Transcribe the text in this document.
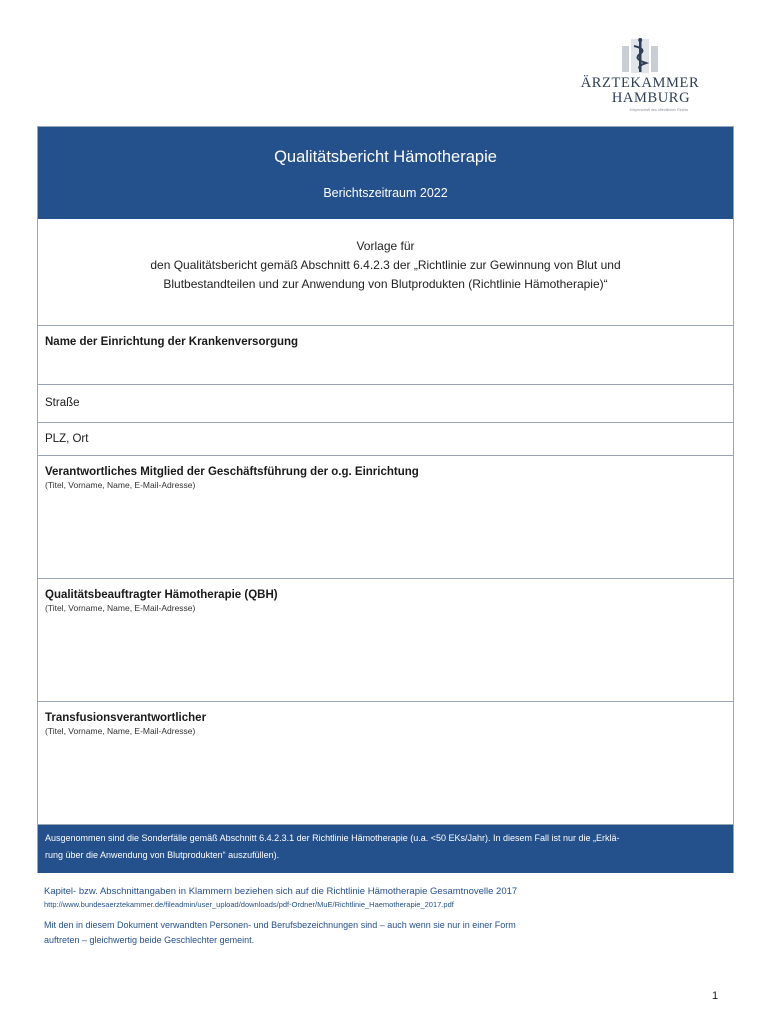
ÄRZTEKAMMER
HAMBURG
Körperschaft des öffentlichen Rechts
Qualitätsbericht Hämotherapie
Berichtszeitraum 2022
Vorlage für
den Qualitätsbericht gemäß Abschnitt 6.4.2.3 der „Richtlinie zur Gewinnung von Blut und
Blutbestandteilen und zur Anwendung von Blutprodukten (Richtlinie Hämotherapie)“
Name der Einrichtung der Krankenversorgung
Straße
PLZ, Ort
Verantwortliches Mitglied der Geschäftsführung der o.g. Einrichtung
(Titel, Vorname, Name, E-Mail-Adresse)
Qualitätsbeauftragter Hämotherapie (QBH)
(Titel, Vorname, Name, E-Mail-Adresse)
Transfusionsverantwortlicher
(Titel, Vorname, Name, E-Mail-Adresse)
Ausgenommen sind die Sonderfälle gemäß Abschnitt 6.4.2.3.1 der Richtlinie Hämotherapie (u.a. <50 EKs/Jahr). In diesem Fall ist nur die „Erklä-
rung über die Anwendung von Blutprodukten“ auszufüllen).
Kapitel- bzw. Abschnittangaben in Klammern beziehen sich auf die Richtlinie Hämotherapie Gesamtnovelle 2017
http://www.bundesaerztekammer.de/fileadmin/user_upload/downloads/pdf-Ordner/MuE/Richtlinie_Haemotherapie_2017.pdf
Mit den in diesem Dokument verwandten Personen- und Berufsbezeichnungen sind – auch wenn sie nur in einer Form
auftreten – gleichwertig beide Geschlechter gemeint.
1
